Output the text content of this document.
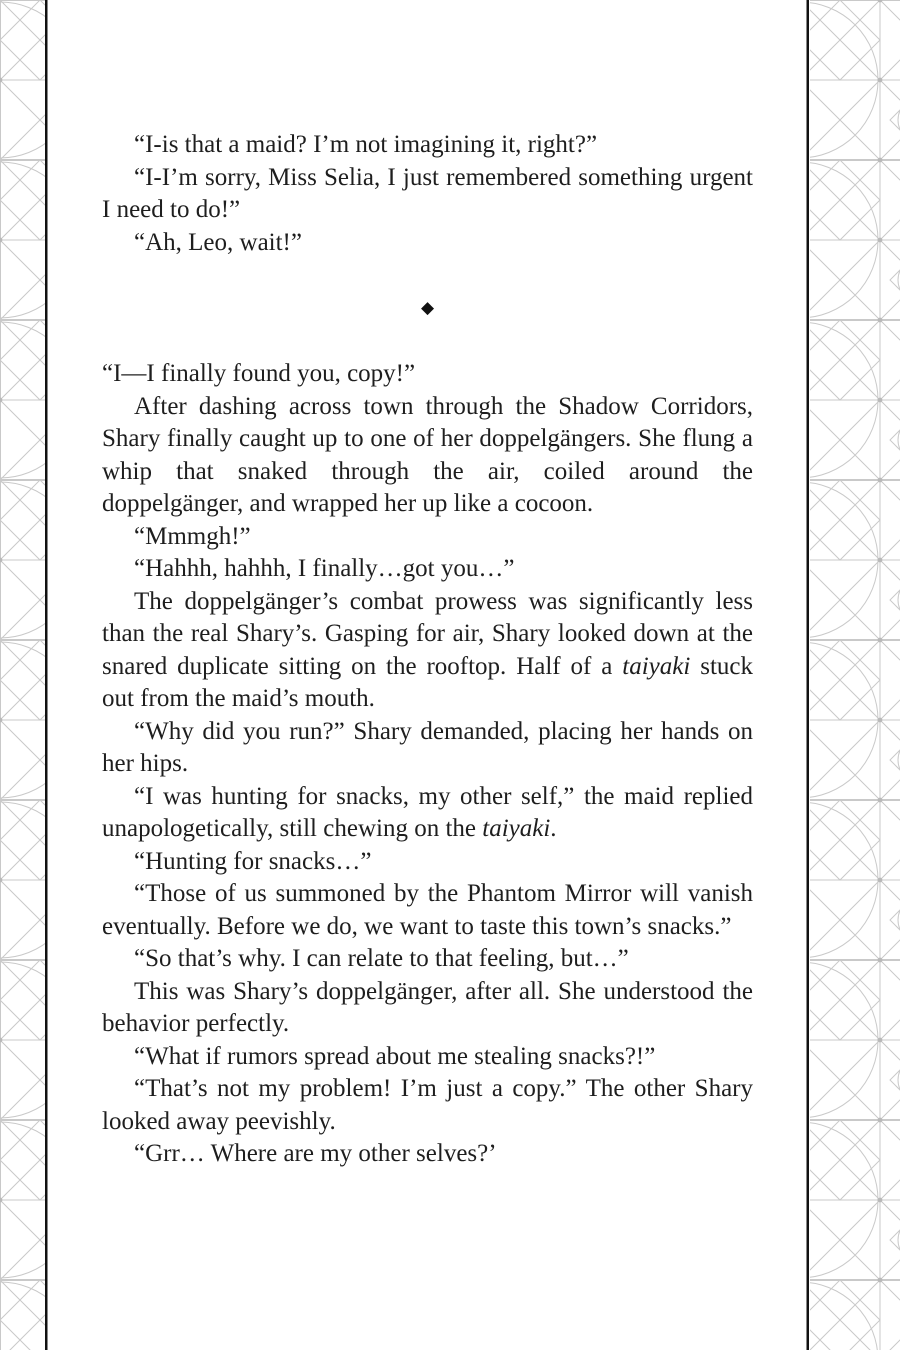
“I-is that a maid? I’m not imagining it, right?”

“I-I’m sorry, Miss Selia, I just remembered something urgent I need to do!”

“Ah, Leo, wait!”

◆

“I—I finally found you, copy!”

After dashing across town through the Shadow Corridors, Shary finally caught up to one of her doppelgängers. She flung a whip that snaked through the air, coiled around the doppelgänger, and wrapped her up like a cocoon.

“Mmmgh!”

“Hahhh, hahhh, I finally…got you…”

The doppelgänger’s combat prowess was significantly less than the real Shary’s. Gasping for air, Shary looked down at the snared duplicate sitting on the rooftop. Half of a taiyaki stuck out from the maid’s mouth.

“Why did you run?” Shary demanded, placing her hands on her hips.

“I was hunting for snacks, my other self,” the maid replied unapologetically, still chewing on the taiyaki.

“Hunting for snacks…”

“Those of us summoned by the Phantom Mirror will vanish eventually. Before we do, we want to taste this town’s snacks.”

“So that’s why. I can relate to that feeling, but…”

This was Shary’s doppelgänger, after all. She understood the behavior perfectly.

“What if rumors spread about me stealing snacks?!”

“That’s not my problem! I’m just a copy.” The other Shary looked away peevishly.

“Grr… Where are my other selves?’
